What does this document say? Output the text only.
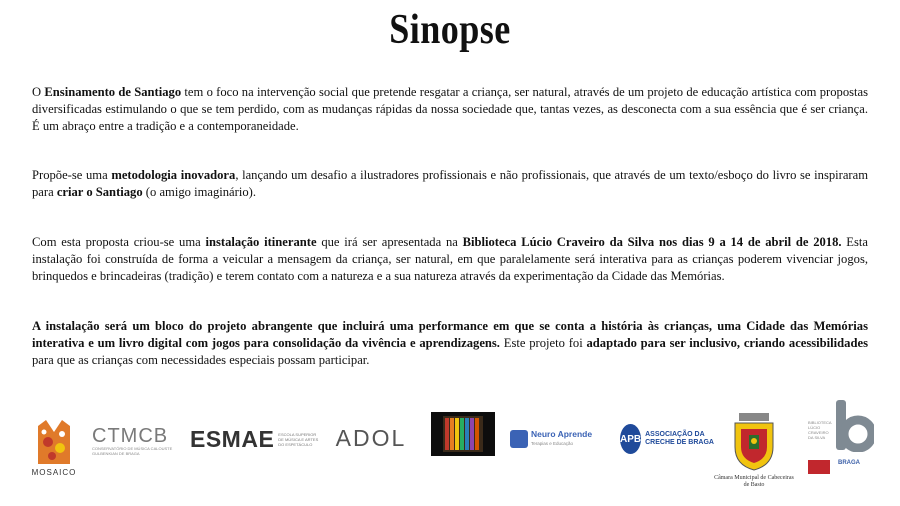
Sinopse
O Ensinamento de Santiago tem o foco na intervenção social que pretende resgatar a criança, ser natural, através de um projeto de educação artística com propostas diversificadas estimulando o que se tem perdido, com as mudanças rápidas da nossa sociedade que, tantas vezes, as desconecta com a sua essência que é ser criança. É um abraço entre a tradição e a contemporaneidade.
Propõe-se uma metodologia inovadora, lançando um desafio a ilustradores profissionais e não profissionais, que através de um texto/esboço do livro se inspiraram para criar o Santiago (o amigo imaginário).
Com esta proposta criou-se uma instalação itinerante que irá ser apresentada na Biblioteca Lúcio Craveiro da Silva nos dias 9 a 14 de abril de 2018. Esta instalação foi construída de forma a veicular a mensagem da criança, ser natural, em que paralelamente será interativa para as crianças poderem vivenciar jogos, brinquedos e brincadeiras (tradição) e terem contato com a natureza e a sua natureza através da experimentação da Cidade das Memórias.
A instalação será um bloco do projeto abrangente que incluirá uma performance em que se conta a história às crianças, uma Cidade das Memórias interativa e um livro digital com jogos para consolidação da vivência e aprendizagens. Este projeto foi adaptado para ser inclusivo, criando acessibilidades para que as crianças com necessidades especiais possam participar.
MOSAICO
CTMCB
CONSERVATÓRIO DE MÚSICA CALOUSTE GULBENKIAN DE BRAGA
ESMAE ESCOLA SUPERIOR DE MÚSICA E ARTES DO ESPETÁCULO	ADOL	Neuro Aprende
Terapias e Educação	APB ASSOCIAÇÃO DA CRECHE DE BRAGA
Câmara Municipal de Cabeceiras de Basto
BIBLIOTECA LÚCIO CRAVEIRO DA SILVA
BRAGA
